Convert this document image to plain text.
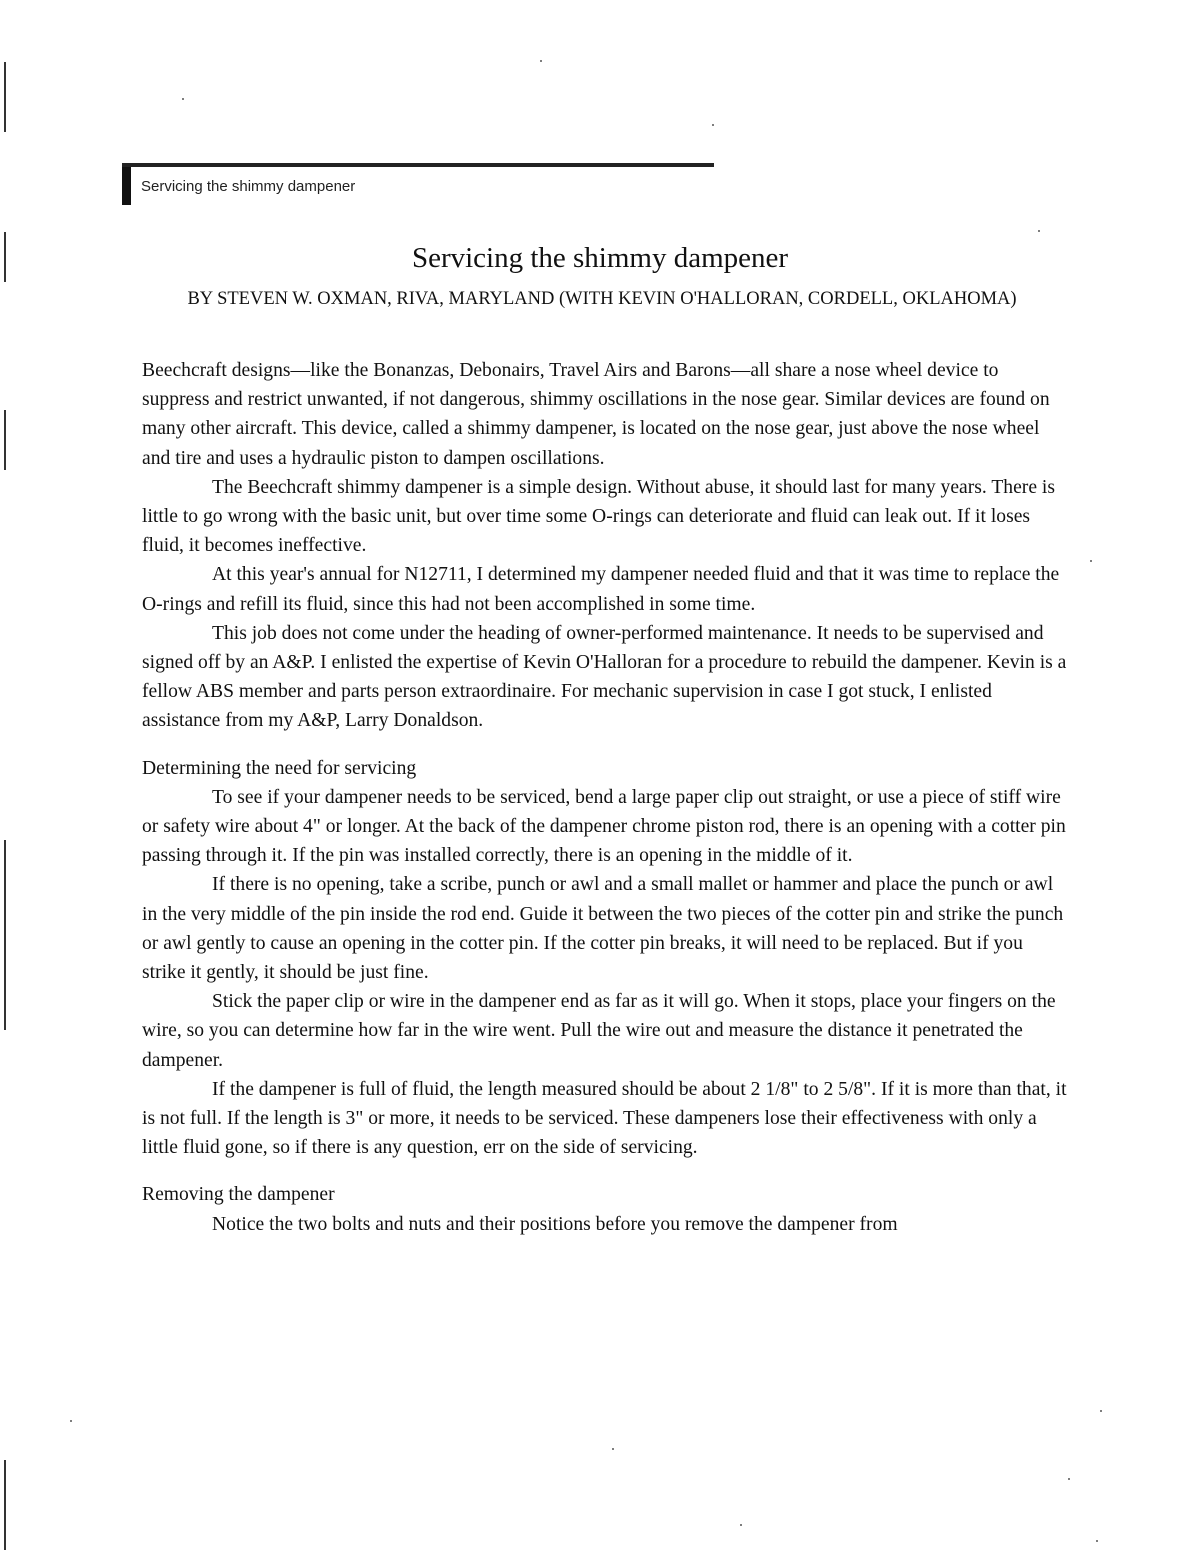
Servicing the shimmy dampener
Servicing the shimmy dampener
BY STEVEN W. OXMAN, RIVA, MARYLAND (WITH KEVIN O'HALLORAN, CORDELL, OKLAHOMA)

Beechcraft designs—like the Bonanzas, Debonairs, Travel Airs and Barons—all share a nose wheel device to suppress and restrict unwanted, if not dangerous, shimmy oscillations in the nose gear. Similar devices are found on many other aircraft. This device, called a shimmy dampener, is located on the nose gear, just above the nose wheel and tire and uses a hydraulic piston to dampen oscillations.

The Beechcraft shimmy dampener is a simple design. Without abuse, it should last for many years. There is little to go wrong with the basic unit, but over time some O-rings can deteriorate and fluid can leak out. If it loses fluid, it becomes ineffective.

At this year's annual for N12711, I determined my dampener needed fluid and that it was time to replace the O-rings and refill its fluid, since this had not been accomplished in some time.

This job does not come under the heading of owner-performed maintenance. It needs to be supervised and signed off by an A&P. I enlisted the expertise of Kevin O'Halloran for a procedure to rebuild the dampener. Kevin is a fellow ABS member and parts person extraordinaire. For mechanic supervision in case I got stuck, I enlisted assistance from my A&P, Larry Donaldson.

Determining the need for servicing

To see if your dampener needs to be serviced, bend a large paper clip out straight, or use a piece of stiff wire or safety wire about 4" or longer. At the back of the dampener chrome piston rod, there is an opening with a cotter pin passing through it. If the pin was installed correctly, there is an opening in the middle of it.

If there is no opening, take a scribe, punch or awl and a small mallet or hammer and place the punch or awl in the very middle of the pin inside the rod end. Guide it between the two pieces of the cotter pin and strike the punch or awl gently to cause an opening in the cotter pin. If the cotter pin breaks, it will need to be replaced. But if you strike it gently, it should be just fine.

Stick the paper clip or wire in the dampener end as far as it will go. When it stops, place your fingers on the wire, so you can determine how far in the wire went. Pull the wire out and measure the distance it penetrated the dampener.

If the dampener is full of fluid, the length measured should be about 2 1/8" to 2 5/8". If it is more than that, it is not full. If the length is 3" or more, it needs to be serviced. These dampeners lose their effectiveness with only a little fluid gone, so if there is any question, err on the side of servicing.

Removing the dampener

Notice the two bolts and nuts and their positions before you remove the dampener from
